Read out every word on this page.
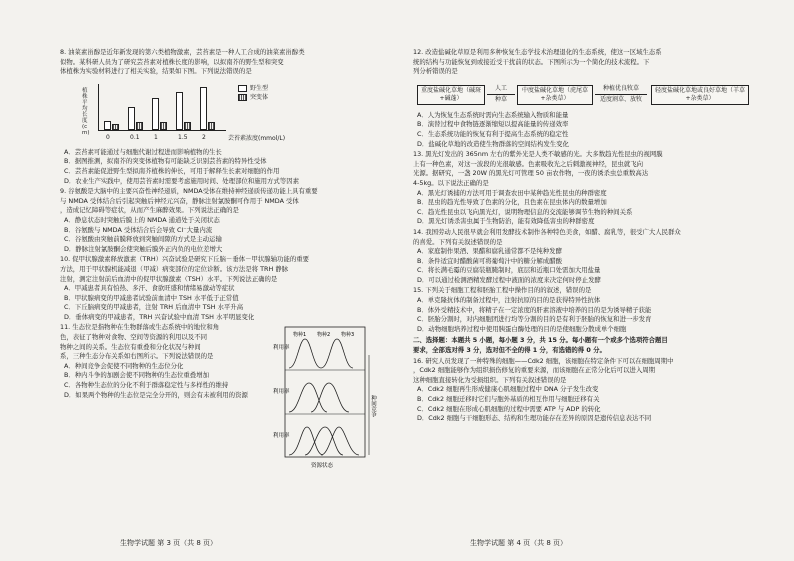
8. 油菜素甾醇是近年新发现的第六类植物激素，芸苔素是一种人工合成的油菜素甾醇类

似物。某科研人员为了研究芸苔素对植株长度的影响，以拟南芥的野生型和突变

体植株为实验材料进行了相关实验，结果如下图。下列说法错误的是

植株平均长度(cm)
芸苔素浓度(mmol/L)
野生型
突变体
0	0.1 1	1.5 2

A．芸苔素可能通过与细胞代谢过程进而影响植物的生长

B．据图推测，拟南芥的突变体植物有可能缺乏识别芸苔素的特异性受体

C．芸苔素能促进野生型拟南芥植株的伸长，可用于解释生长素对细胞的作用

D．农业生产实践中，使用芸苔素时需要考虑施用时间、处理部位和施用方式等因素

9. 谷氨酸是大脑中的主要兴奋性神经递质，NMDA受体在维持神经递质传递功能上具有重要

与 NMDA 受体结合后引起突触后神经元兴奋，静脉注射氯胺酮可作用于 NMDA 受体

，造成记忆障碍等症状，从而产生麻醉效果。下列说法正确的是

A．静息状态时突触后膜上的 NMDA 通道处于关闭状态

B．谷氨酸与 NMDA 受体结合后会导致 Cl⁻大量内流

C．谷氨酸由突触前膜释放到突触间隙的方式是主动运输

D．静脉注射氯胺酮会使突触后膜外正内负的电位差增大

10. 促甲状腺激素释放激素（TRH）兴奋试验是研究下丘脑－垂体－甲状腺轴功能的重要

方法，用于甲状腺机能减退（甲减）病变部位的定位诊断。该方法是将 TRH 静脉

注射，测定注射前后血清中的促甲状腺激素（TSH）水平。下列说法正确的是

A．甲减患者具有怕热、多汗、食欲旺盛和情绪易激动等症状

B．甲状腺病变的甲减患者试验前血清中 TSH 水平低于正常值

C．下丘脑病变的甲减患者，注射 TRH 后血清中 TSH 水平升高

D．垂体病变的甲减患者，TRH 兴奋试验中血清 TSH 水平明显变化

11. 生态位是指物种在生物群落或生态系统中的地位和角

色，表征了物种对食物、空间等资源的利用以及不同

物种之间的关系。生态位有重叠和分化状况与种间

系，三种生态分布关系如右图所示。下列说法错误的是

A．种间竞争会促使不同物种的生态位分化

B．种内斗争的加剧会使不同物种的生态位重叠增加

C．各物种生态位的分化不利于群落稳定性与多样性的维持

D．如果两个物种的生态位是完全分开的，则会有未被利用的资源

利用率
利用率
利用率
物种1 物种2 物种3
种间竞争
资源状态
生物学试题 第 3 页（共 8 页）

12. 改造盐碱化草原是利用多种恢复生态学技术治理退化的生态系统，使这一区域生态系

统的结构与功能恢复到或接近受干扰前的状态。下图所示为一个简化的技术流程。下

列分析错误的是

重度盐碱化草地（碱斑+碱蓬）
人工
种草
中度盐碱化草地（虎尾草+杂类草）
种植优良牧草
适度割草、放牧
轻度盐碱化草地或良好草地（羊草+杂类草）

A．人为恢复生态系统时需向生态系统输入物质和能量

B．演替过程中食物链逐渐缩短以提高能量的传递效率

C．生态系统功能的恢复有利于提高生态系统的稳定性

D．盐碱化草地的改造使生物群落的空间结构发生变化

13. 黑光灯发出的 365nm 左右的紫外光是人类不敏感的光。大多数趋光性昆虫的视网膜

上有一种色素，对这一波段的光很敏感。色素吸收光之后刺激视神经，昆虫就飞向

光源。据研究，一盏 20W 的黑光灯可管理 50 亩农作物，一夜的诱杀虫总重数高达

4-5kg。以下说法正确的是

A．黑光灯诱捕的方法可用于调查农田中某种趋光性昆虫的种群密度

B．昆虫的趋光性导致了色素的分化，且色素在昆虫体内的数量增加

C．趋光性昆虫以飞向黑光灯，说明物理信息的交流能够调节生物的种间关系

D．黑光灯诱杀害虫属于生物防治，能有效降低害虫的种群密度

14. 我国劳动人民很早就会利用发酵技术制作各种特色美食，如醋、腐乳等，很受广大人民群众

的喜爱。下列有关叙述错误的是

A．家庭制作果酒、果醋和腐乳通常都不是纯种发酵

B．条件适宜时醋酸菌可将葡萄汁中的糖分解成醋酸

C．将长满毛霉的豆腐装瓶腌制时，底层和近瓶口处需加大用盐量

D．可以通过检测酒精发酵过程中液面的浓度来决定何时停止发酵

15. 下列关于细胞工程和胚胎工程中操作目的的叙述，错误的是

A．单克隆抗体的制备过程中，注射抗原的目的是获得特异性抗体

B．体外受精技术中，将精子在一定浓度的肝素溶液中培养的目的是为诱导精子获能

C．胚胎分割时，对内细胞团进行均等分割的目的是有利于胚胎的恢复和进一步发育

D．动物细胞培养过程中使用胰蛋白酶处理的目的是使细胞分散成单个细胞

二、选择题：本题共 5 小题，每小题 3 分，共 15 分。每小题有一个或多个选项符合题目

要求，全部选对得 3 分，选对但不全的得 1 分，有选错的得 0 分。

16. 研究人员发现了一种特殊的细胞——Cdk2 细胞，该细胞在特定条件下可以在细胞周期中

，Cdk2 细胞能够作为组织损伤修复的重要来源，而该细胞在正常分化后可以进入周期

这种细胞直接转化为受损组织。下列有关叙述错误的是

A．Cdk2 细胞再生形成健康心肌细胞过程中 DNA 分子发生改变

B．Cdk2 细胞迁移时它们与胞外基质的相互作用与细胞迁移有关

C．Cdk2 细胞在形成心肌细胞的过程中需要 ATP 与 ADP 的转化

D．Cdk2 细胞与干细胞形态、结构和生理功能存在差异的原因是遗传信息表达不同

生物学试题 第 4 页（共 8 页）
